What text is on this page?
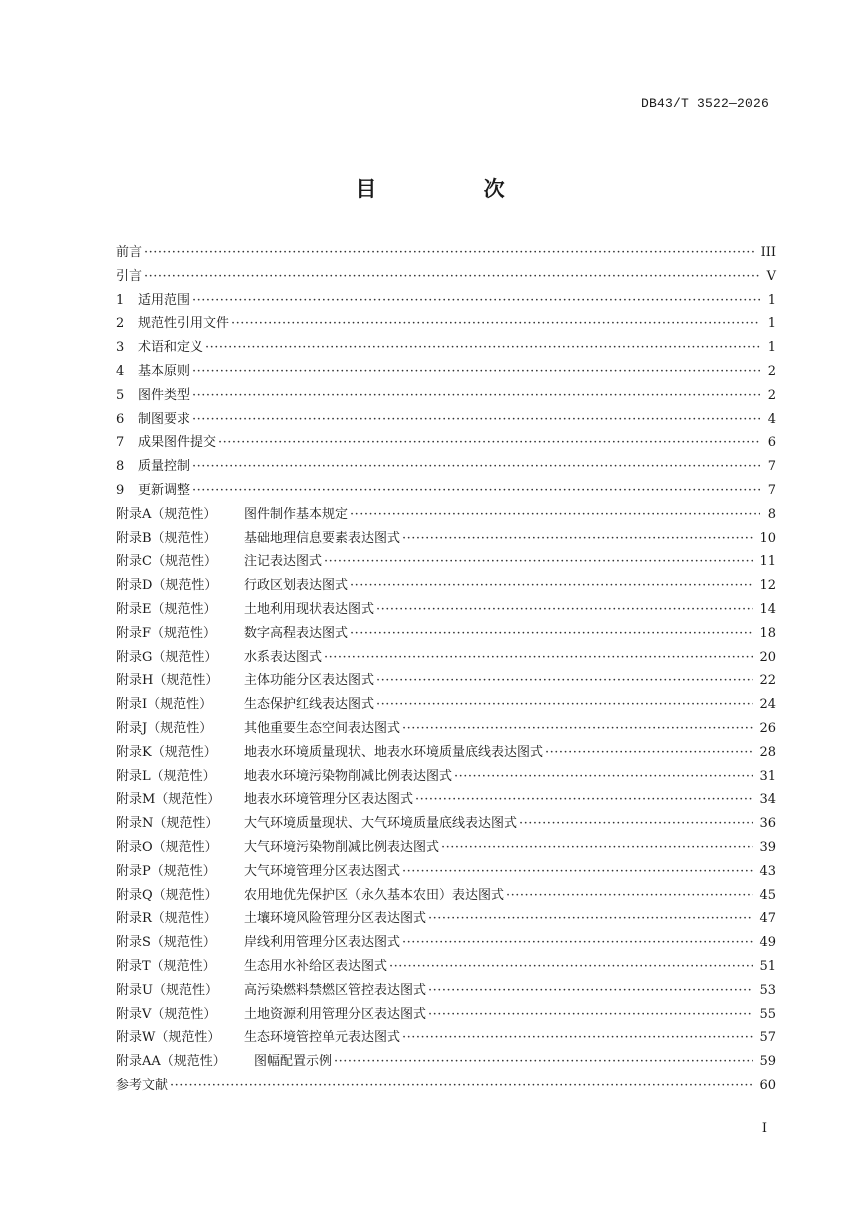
DB43/T 3522—2026
目 次
前言 ·····	III
引言 ·····	V
1	适用范围 ·····	1
2	规范性引用文件 ·····	1
3	术语和定义 ·····	1
4	基本原则 ·····	2
5	图件类型 ·····	2
6	制图要求 ·····	4
7	成果图件提交 ·····	6
8	质量控制 ·····	7
9	更新调整 ·····	7
附录A（规范性）	图件制作基本规定 ·····	8
附录B（规范性）	基础地理信息要素表达图式 ·····	10
附录C（规范性）	注记表达图式 ·····	11
附录D（规范性）	行政区划表达图式 ·····	12
附录E（规范性）	土地利用现状表达图式 ·····	14
附录F（规范性）	数字高程表达图式 ·····	18
附录G（规范性）	水系表达图式 ·····	20
附录H（规范性）	主体功能分区表达图式 ·····	22
附录I（规范性）	生态保护红线表达图式 ·····	24
附录J（规范性）	其他重要生态空间表达图式 ·····	26
附录K（规范性）	地表水环境质量现状、地表水环境质量底线表达图式 ·····	28
附录L（规范性）	地表水环境污染物削减比例表达图式 ·····	31
附录M（规范性）	地表水环境管理分区表达图式 ·····	34
附录N（规范性）	大气环境质量现状、大气环境质量底线表达图式 ·····	36
附录O（规范性）	大气环境污染物削减比例表达图式 ·····	39
附录P（规范性）	大气环境管理分区表达图式 ·····	43
附录Q（规范性）	农用地优先保护区（永久基本农田）表达图式 ·····	45
附录R（规范性）	土壤环境风险管理分区表达图式 ·····	47
附录S（规范性）	岸线利用管理分区表达图式 ·····	49
附录T（规范性）	生态用水补给区表达图式 ·····	51
附录U（规范性）	高污染燃料禁燃区管控表达图式 ·····	53
附录V（规范性）	土地资源利用管理分区表达图式 ·····	55
附录W（规范性）	生态环境管控单元表达图式 ·····	57
附录AA（规范性）	图幅配置示例 ·····	59
参考文献 ·····	60
I
